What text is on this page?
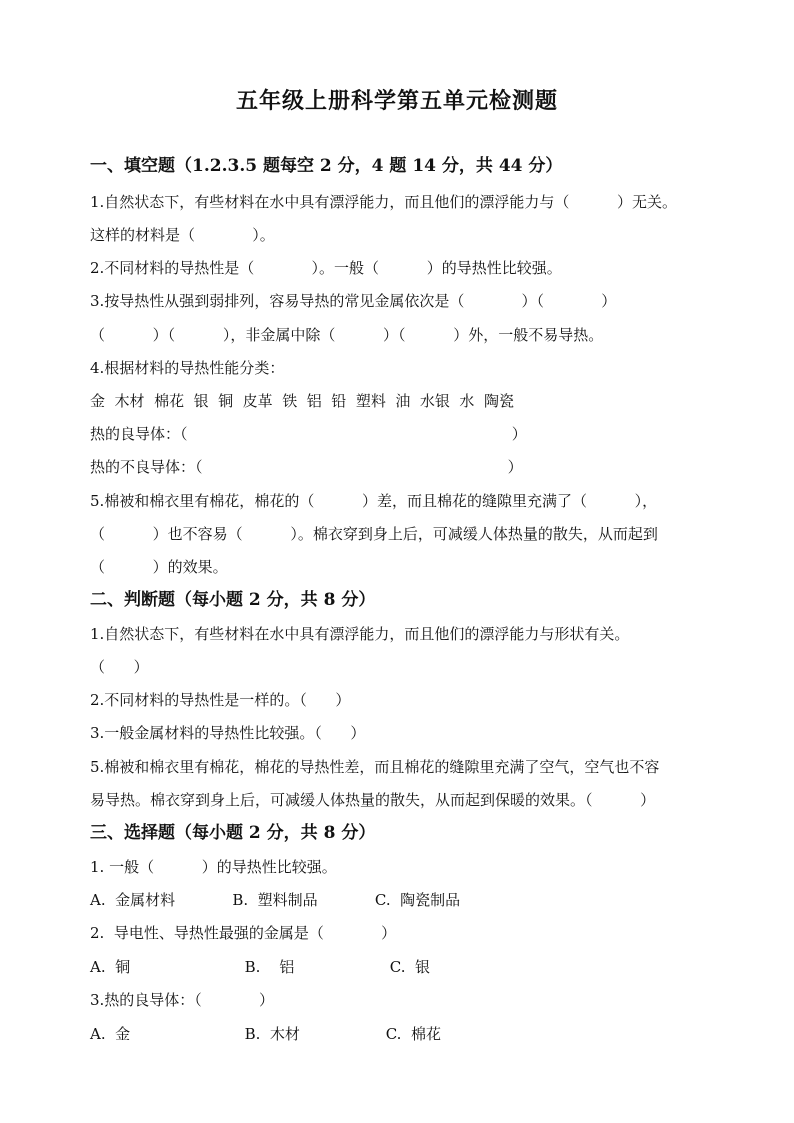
五年级上册科学第五单元检测题
一、填空题（1.2.3.5 题每空 2 分，4 题 14 分，共 44 分）
1.自然状态下，有些材料在水中具有漂浮能力，而且他们的漂浮能力与（          ）无关。
这样的材料是（            ）。
2.不同材料的导热性是（            ）。一般（          ）的导热性比较强。
3.按导热性从强到弱排列，容易导热的常见金属依次是（            ）（            ）
（          ）（          ），非金属中除（          ）（          ）外，一般不易导热。
4.根据材料的导热性能分类：
金  木材  棉花  银  铜  皮革  铁  铝  铅  塑料  油  水银  水  陶瓷
热的良导体：（                                                                    ）
热的不良导体：（                                                                ）
5.棉被和棉衣里有棉花，棉花的（          ）差，而且棉花的缝隙里充满了（          ），
（          ）也不容易（          ）。棉衣穿到身上后，可减缓人体热量的散失，从而起到
（          ）的效果。
二、判断题（每小题 2 分，共 8 分）
1.自然状态下，有些材料在水中具有漂浮能力，而且他们的漂浮能力与形状有关。
（      ）
2.不同材料的导热性是一样的。（      ）
3.一般金属材料的导热性比较强。（      ）
5.棉被和棉衣里有棉花，棉花的导热性差，而且棉花的缝隙里充满了空气，空气也不容
易导热。棉衣穿到身上后，可减缓人体热量的散失，从而起到保暖的效果。（          ）
三、选择题（每小题 2 分，共 8 分）
1. 一般（          ）的导热性比较强。
A.  金属材料            B.  塑料制品            C.  陶瓷制品
2.  导电性、导热性最强的金属是（            ）
A.  铜                        B.    铝                    C.  银
3.热的良导体：（            ）
A.  金                        B.  木材                  C.  棉花
